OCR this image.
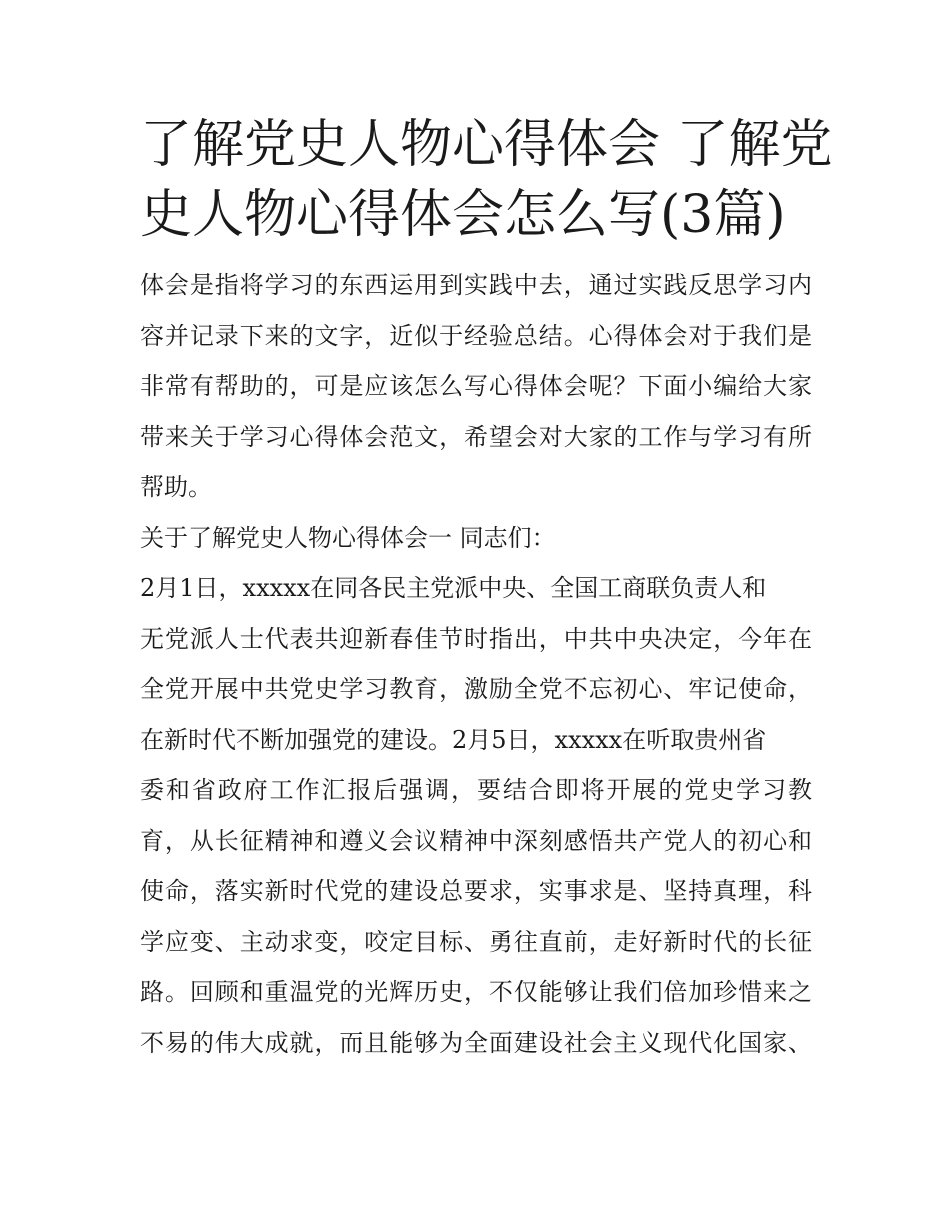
了解党史人物心得体会 了解党
史人物心得体会怎么写(3篇)
体会是指将学习的东西运用到实践中去，通过实践反思学习内
容并记录下来的文字，近似于经验总结。心得体会对于我们是
非常有帮助的，可是应该怎么写心得体会呢？下面小编给大家
带来关于学习心得体会范文，希望会对大家的工作与学习有所
帮助。
关于了解党史人物心得体会一 同志们：
2月1日，xxxxx在同各民主党派中央、全国工商联负责人和
无党派人士代表共迎新春佳节时指出，中共中央决定，今年在
全党开展中共党史学习教育，激励全党不忘初心、牢记使命，
在新时代不断加强党的建设。2月5日，xxxxx在听取贵州省
委和省政府工作汇报后强调，要结合即将开展的党史学习教
育，从长征精神和遵义会议精神中深刻感悟共产党人的初心和
使命，落实新时代党的建设总要求，实事求是、坚持真理，科
学应变、主动求变，咬定目标、勇往直前，走好新时代的长征
路。回顾和重温党的光辉历史，不仅能够让我们倍加珍惜来之
不易的伟大成就，而且能够为全面建设社会主义现代化国家、
